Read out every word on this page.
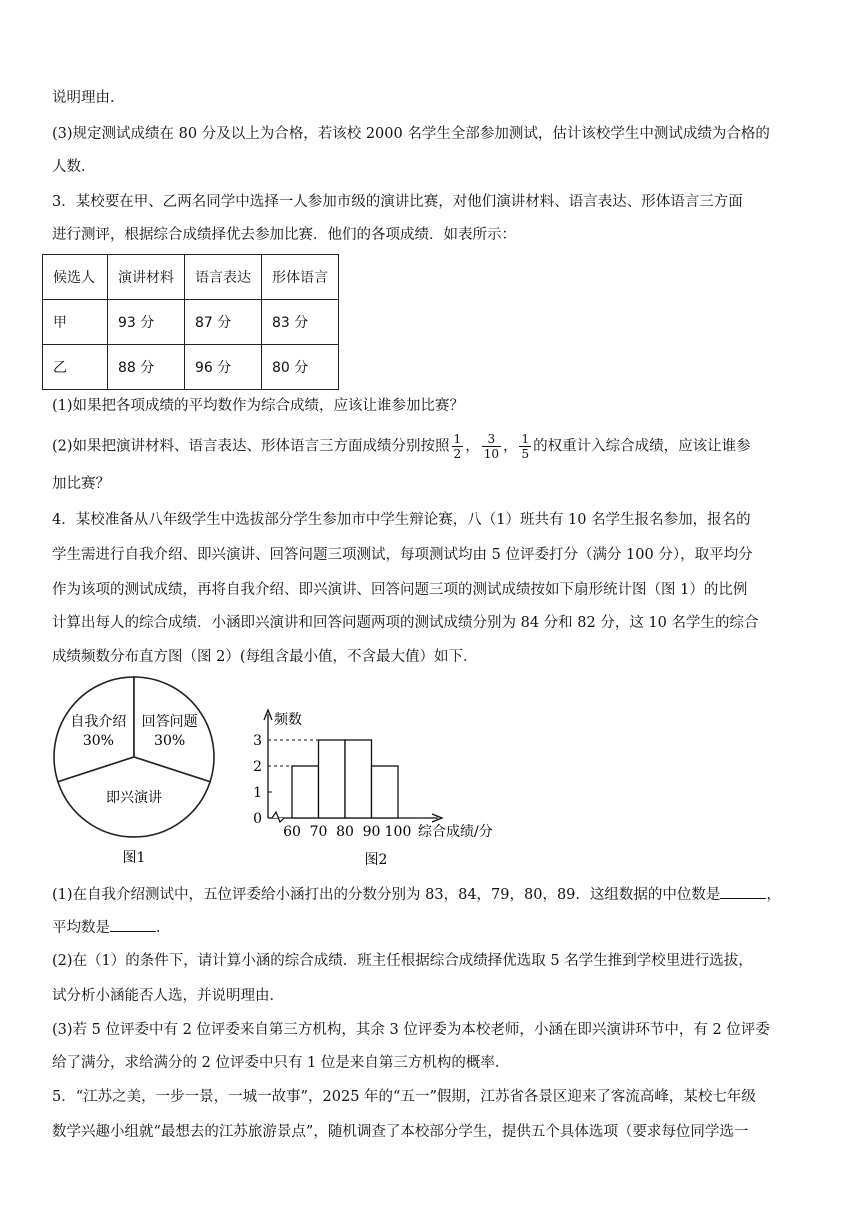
说明理由．
(3)规定测试成绩在 80 分及以上为合格，若该校 2000 名学生全部参加测试，估计该校学生中测试成绩为合格的
人数．
3．某校要在甲、乙两名同学中选择一人参加市级的演讲比赛，对他们演讲材料、语言表达、形体语言三方面
进行测评，根据综合成绩择优去参加比赛．他们的各项成绩．如表所示：
候选人	演讲材料	语言表达	形体语言
甲	93 分	87 分	83 分
乙	88 分	96 分	80 分
(1)如果把各项成绩的平均数作为综合成绩，应该让谁参加比赛？
(2)如果把演讲材料、语言表达、形体语言三方面成绩分别按照 $\frac{1}{2}$ ， $\frac{3}{10}$ ， $\frac{1}{5}$ 的权重计入综合成绩，应该让谁参
加比赛？
4．某校准备从八年级学生中选拔部分学生参加市中学生辩论赛，八（1）班共有 10 名学生报名参加，报名的
学生需进行自我介绍、即兴演讲、回答问题三项测试，每项测试均由 5 位评委打分（满分 100 分），取平均分
作为该项的测试成绩，再将自我介绍、即兴演讲、回答问题三项的测试成绩按如下扇形统计图（图 1）的比例
计算出每人的综合成绩．小涵即兴演讲和回答问题两项的测试成绩分别为 84 分和 82 分，这 10 名学生的综合
成绩频数分布直方图（图 2）(每组含最小值，不含最大值）如下．
自我介绍
30%
回答问题
30%
即兴演讲
图1
频数
0
1
2
3
60 70 80 90 100 综合成绩/分
图2
(1)在自我介绍测试中，五位评委给小涵打出的分数分别为 83，84，79，80，89．这组数据的中位数是	，
平均数是	．
(2)在（1）的条件下，请计算小涵的综合成绩．班主任根据综合成绩择优选取 5 名学生推到学校里进行选拔，
试分析小涵能否人选，并说明理由．
(3)若 5 位评委中有 2 位评委来自第三方机构，其余 3 位评委为本校老师，小涵在即兴演讲环节中，有 2 位评委
给了满分，求给满分的 2 位评委中只有 1 位是来自第三方机构的概率．
5．“江苏之美，一步一景，一城一故事”，2025 年的“五一”假期，江苏省各景区迎来了客流高峰，某校七年级
数学兴趣小组就“最想去的江苏旅游景点”，随机调查了本校部分学生，提供五个具体选项（要求每位同学选一
